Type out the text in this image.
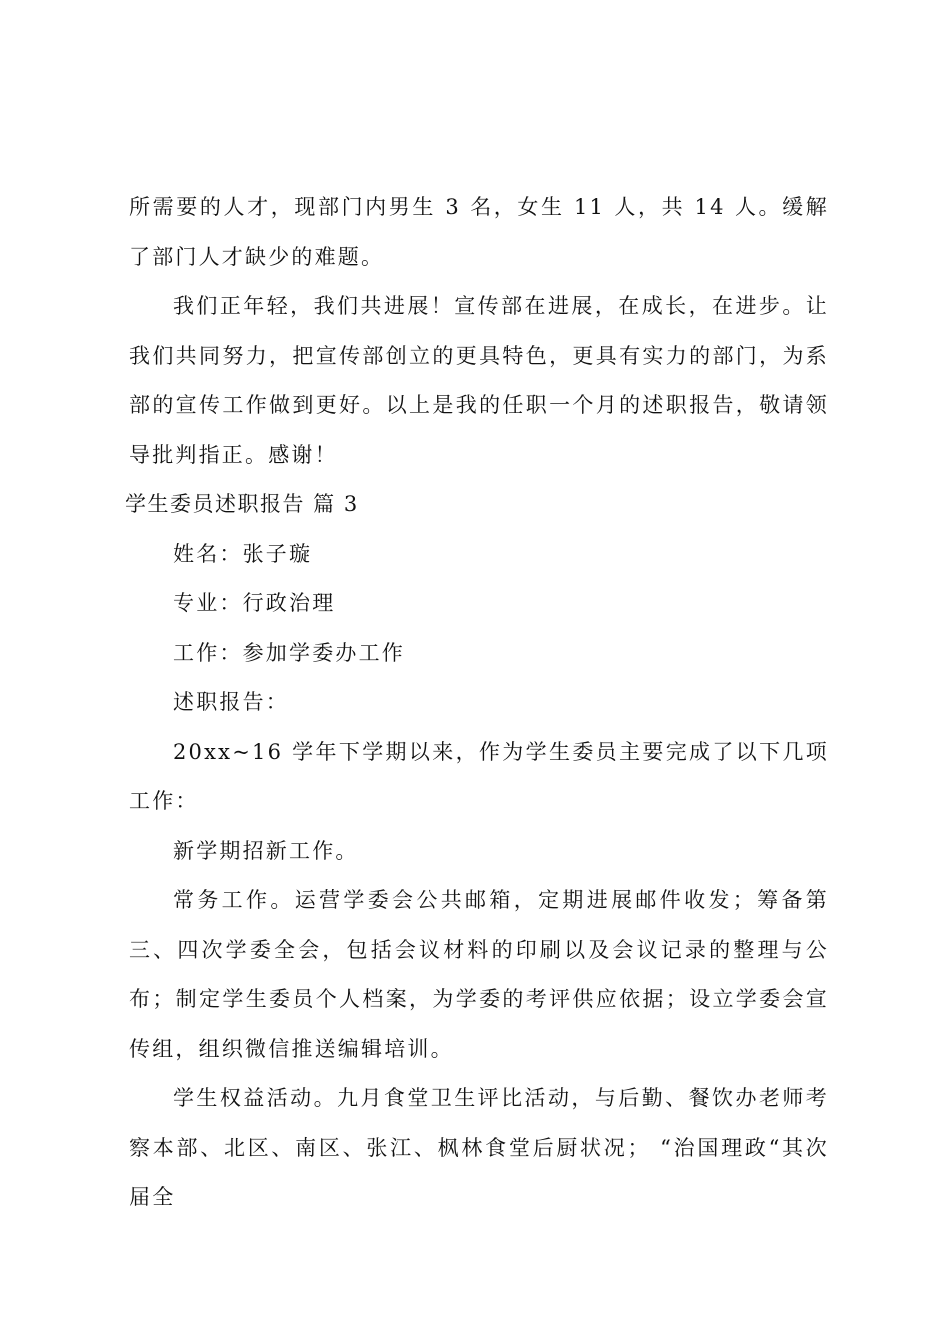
所需要的人才，现部门内男生 3 名，女生 11 人，共 14 人。缓解了部门人才缺少的难题。

我们正年轻，我们共进展！宣传部在进展，在成长，在进步。让我们共同努力，把宣传部创立的更具特色，更具有实力的部门，为系部的宣传工作做到更好。以上是我的任职一个月的述职报告，敬请领导批判指正。感谢！

学生委员述职报告 篇 3

姓名：张子璇

专业：行政治理

工作：参加学委办工作

述职报告：

20xx~16 学年下学期以来，作为学生委员主要完成了以下几项工作：

新学期招新工作。

常务工作。运营学委会公共邮箱，定期进展邮件收发；筹备第三、四次学委全会，包括会议材料的印刷以及会议记录的整理与公布；制定学生委员个人档案，为学委的考评供应依据；设立学委会宣传组，组织微信推送编辑培训。

学生权益活动。九月食堂卫生评比活动，与后勤、餐饮办老师考察本部、北区、南区、张江、枫林食堂后厨状况； “治国理政“其次届全
